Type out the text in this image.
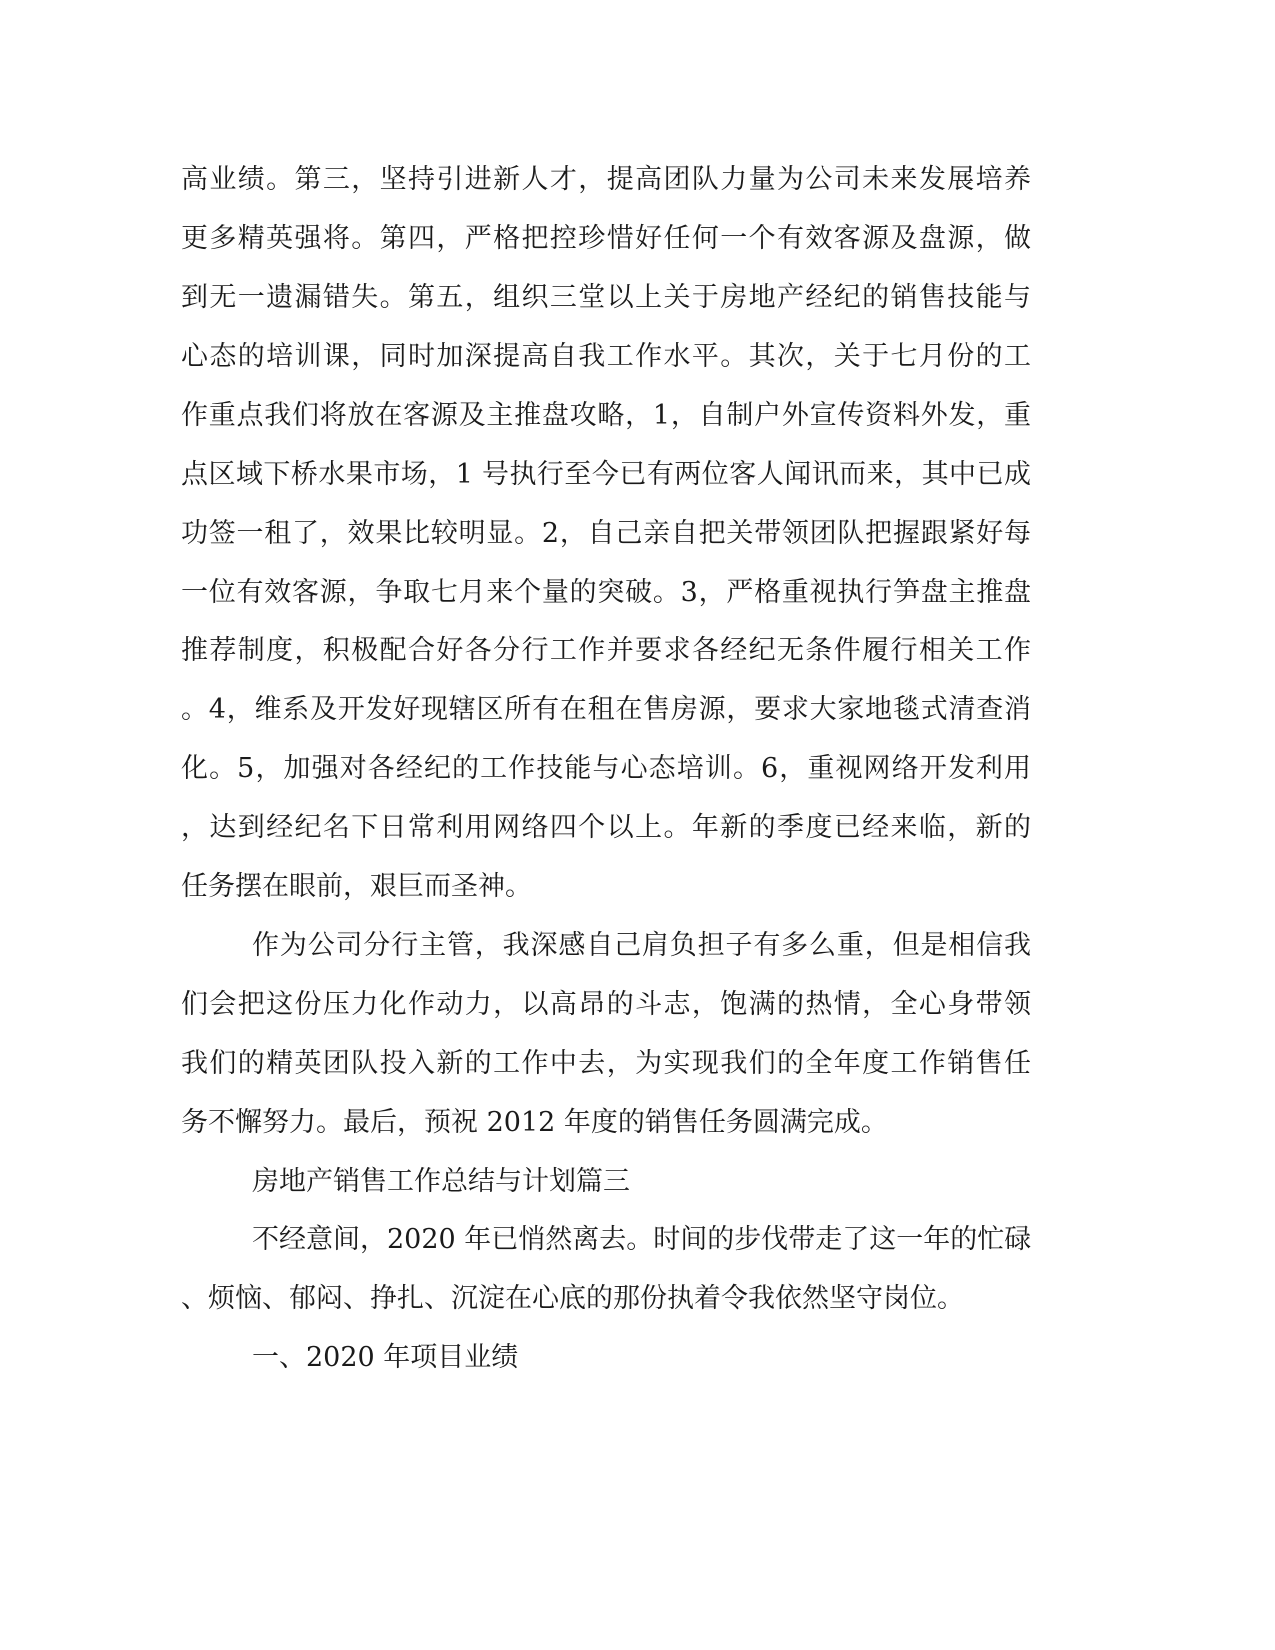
高业绩。第三，坚持引进新人才，提高团队力量为公司未来发展培养
更多精英强将。第四，严格把控珍惜好任何一个有效客源及盘源，做
到无一遗漏错失。第五，组织三堂以上关于房地产经纪的销售技能与
心态的培训课，同时加深提高自我工作水平。其次，关于七月份的工
作重点我们将放在客源及主推盘攻略，1，自制户外宣传资料外发，重
点区域下桥水果市场，1 号执行至今已有两位客人闻讯而来，其中已成
功签一租了，效果比较明显。2，自己亲自把关带领团队把握跟紧好每
一位有效客源，争取七月来个量的突破。3，严格重视执行笋盘主推盘
推荐制度，积极配合好各分行工作并要求各经纪无条件履行相关工作
。4，维系及开发好现辖区所有在租在售房源，要求大家地毯式清查消
化。5，加强对各经纪的工作技能与心态培训。6，重视网络开发利用
，达到经纪名下日常利用网络四个以上。年新的季度已经来临，新的
任务摆在眼前，艰巨而圣神。
作为公司分行主管，我深感自己肩负担子有多么重，但是相信我
们会把这份压力化作动力，以高昂的斗志，饱满的热情，全心身带领
我们的精英团队投入新的工作中去，为实现我们的全年度工作销售任
务不懈努力。最后，预祝 2012 年度的销售任务圆满完成。
房地产销售工作总结与计划篇三
不经意间，2020 年已悄然离去。时间的步伐带走了这一年的忙碌
、烦恼、郁闷、挣扎、沉淀在心底的那份执着令我依然坚守岗位。
一、2020 年项目业绩
